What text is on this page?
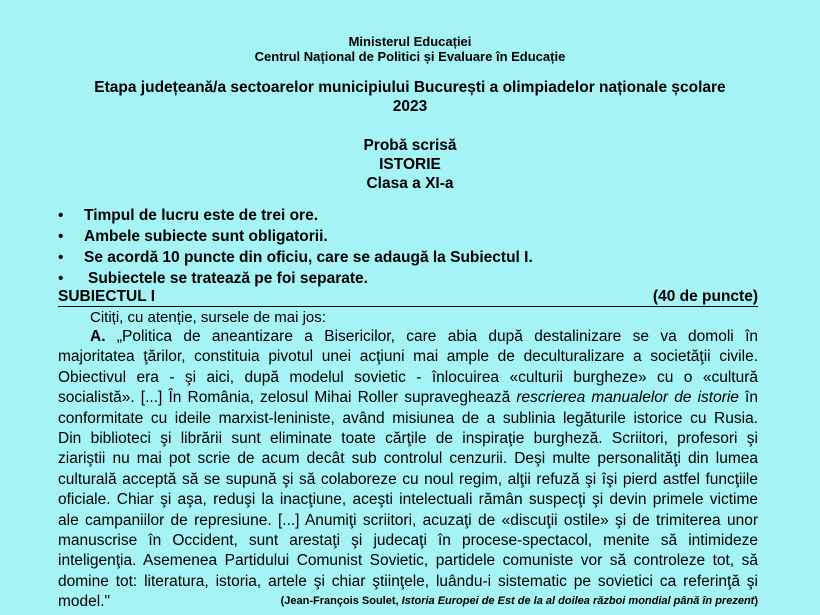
Ministerul Educației
Centrul Național de Politici și Evaluare în Educație
Etapa județeană/a sectoarelor municipiului București a olimpiadelor naționale școlare
2023
Probă scrisă
ISTORIE
Clasa a XI-a
• Timpul de lucru este de trei ore.
• Ambele subiecte sunt obligatorii.
• Se acordă 10 puncte din oficiu, care se adaugă la Subiectul I.
• Subiectele se tratează pe foi separate.
SUBIECTUL I	(40 de puncte)
Citiți, cu atenție, sursele de mai jos:
A. „Politica de aneantizare a Bisericilor, care abia după destalinizare se va domoli în
majoritatea ţărilor, constituia pivotul unei acţiuni mai ample de deculturalizare a societăţii civile.
Obiectivul era - şi aici, după modelul sovietic - înlocuirea «culturii burgheze» cu o «cultură
socialistă». [...] În România, zelosul Mihai Roller supraveghează rescrierea manualelor de istorie în
conformitate cu ideile marxist-leniniste, având misiunea de a sublinia legăturile istorice cu Rusia.
Din biblioteci şi librării sunt eliminate toate cărţile de inspiraţie burgheză. Scriitori, profesori şi
ziariştii nu mai pot scrie de acum decât sub controlul cenzurii. Deşi multe personalităţi din lumea
culturală acceptă să se supună şi să colaboreze cu noul regim, alţii refuză şi îşi pierd astfel funcţiile
oficiale. Chiar şi aşa, reduşi la inacţiune, aceşti intelectuali rămân suspecţi şi devin primele victime
ale campaniilor de represiune. [...] Anumiţi scriitori, acuzaţi de «discuţii ostile» şi de trimiterea unor
manuscrise în Occident, sunt arestaţi şi judecaţi în procese-spectacol, menite să intimideze
inteligenţia. Asemenea Partidului Comunist Sovietic, partidele comuniste vor să controleze tot, să
domine tot: literatura, istoria, artele şi chiar ştiinţele, luându-i sistematic pe sovietici ca referinţă şi
model."	(Jean-François Soulet, Istoria Europei de Est de la al doilea război mondial până în prezent)
